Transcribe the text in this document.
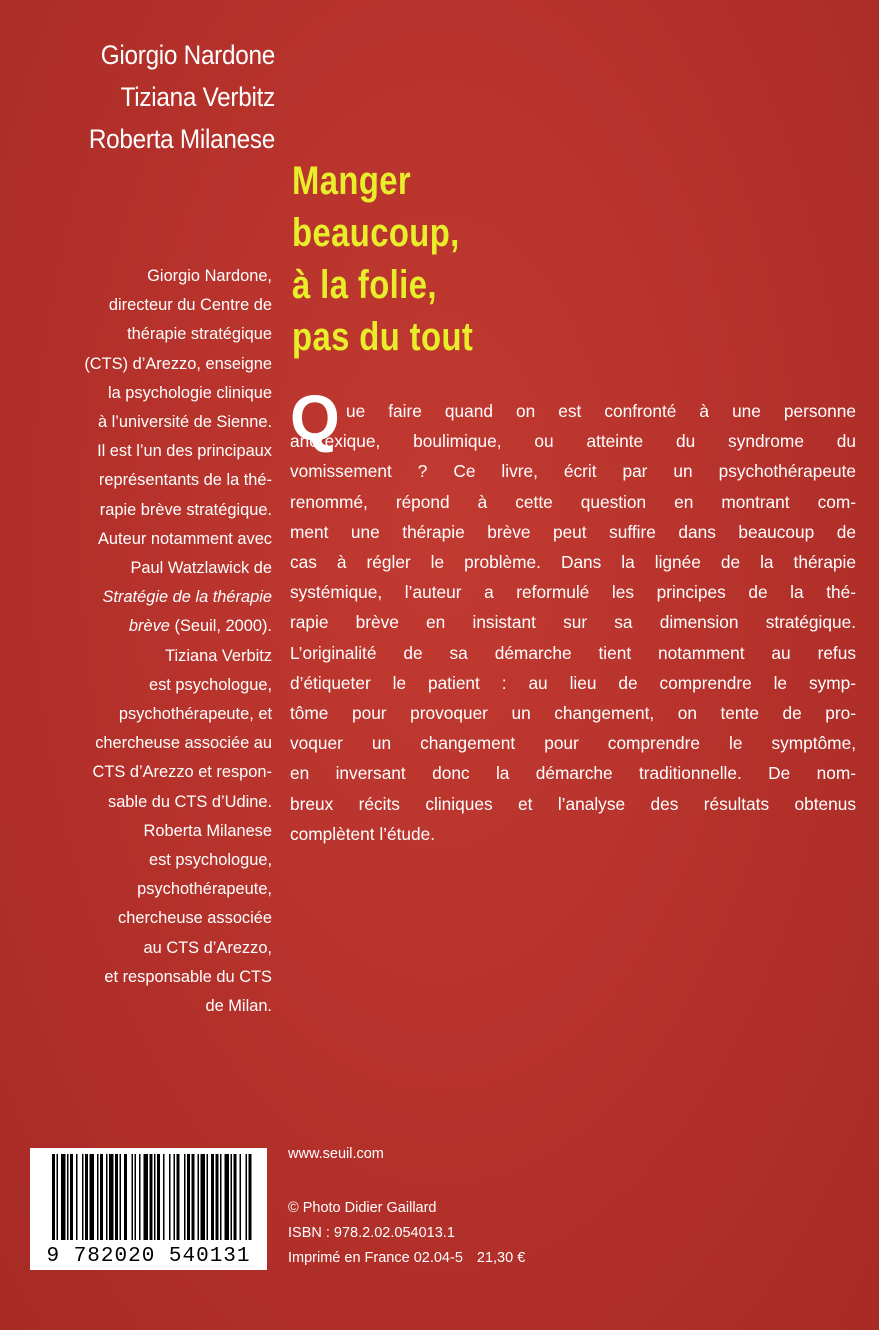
Giorgio Nardone
Tiziana Verbitz
Roberta Milanese
Manger
beaucoup,
à la folie,
pas du tout
Giorgio Nardone,
directeur du Centre de
thérapie stratégique
(CTS) d’Arezzo, enseigne
la psychologie clinique
à l’université de Sienne.
Il est l’un des principaux
représentants de la thé-
rapie brève stratégique.
Auteur notamment avec
Paul Watzlawick de
Stratégie de la thérapie
brève (Seuil, 2000).
Tiziana Verbitz
est psychologue,
psychothérapeute, et
chercheuse associée au
CTS d’Arezzo et respon-
sable du CTS d’Udine.
Roberta Milanese
est psychologue,
psychothérapeute,
chercheuse associée
au CTS d’Arezzo,
et responsable du CTS
de Milan.
Q ue faire quand on est confronté à une personne
anorexique, boulimique, ou atteinte du syndrome du
vomissement ? Ce livre, écrit par un psychothérapeute
renommé, répond à cette question en montrant com-
ment une thérapie brève peut suffire dans beaucoup de
cas à régler le problème. Dans la lignée de la thérapie
systémique, l’auteur a reformulé les principes de la thé-
rapie brève en insistant sur sa dimension stratégique.
L’originalité de sa démarche tient notamment au refus
d’étiqueter le patient : au lieu de comprendre le symp-
tôme pour provoquer un changement, on tente de pro-
voquer un changement pour comprendre le symptôme,
en inversant donc la démarche traditionnelle. De nom-
breux récits cliniques et l’analyse des résultats obtenus
complètent l’étude.
9 782020 540131
www.seuil.com
© Photo Didier Gaillard
ISBN : 978.2.02.054013.1
Imprimé en France 02.04-5 21,30 €
